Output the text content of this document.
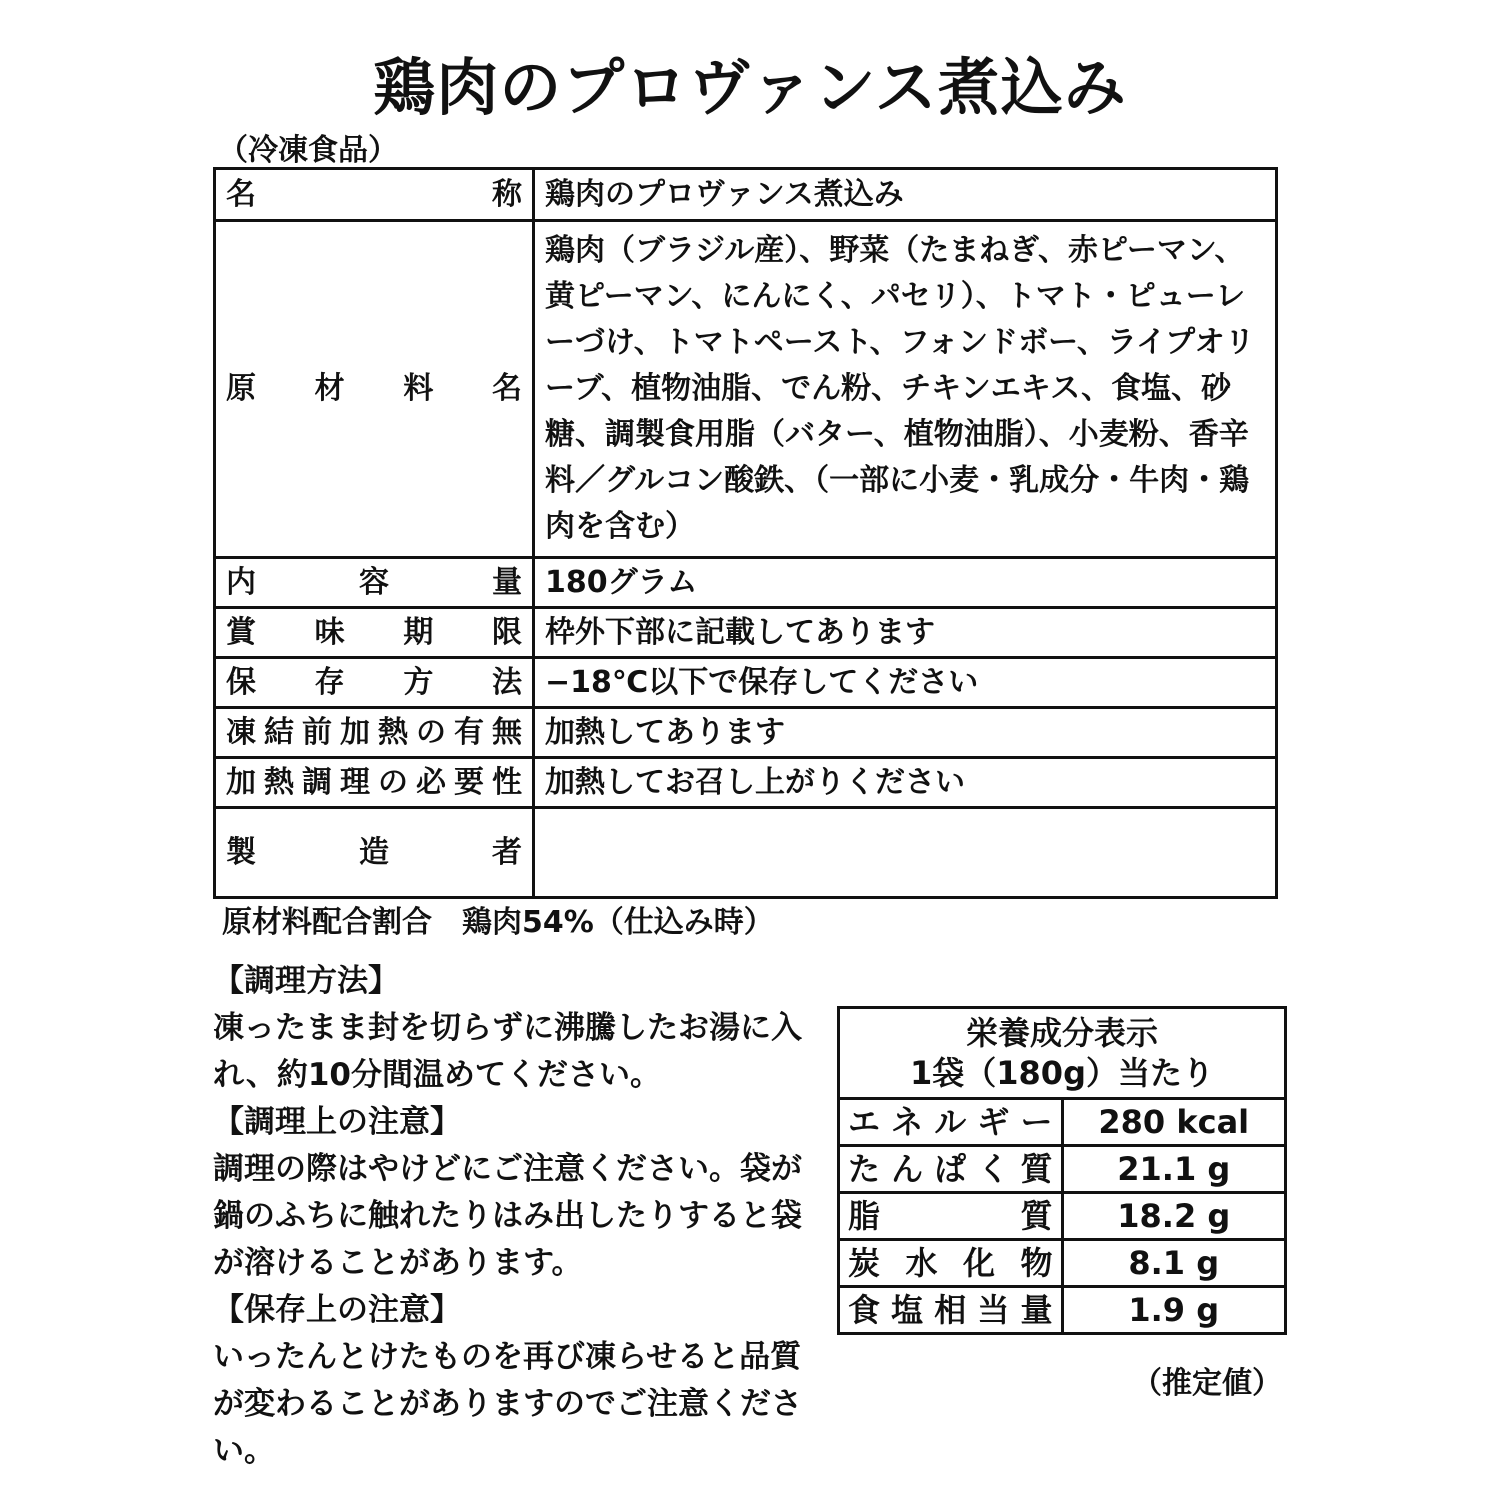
鶏肉のプロヴァンス煮込み
（冷凍食品）
名称	鶏肉のプロヴァンス煮込み
原材料名	鶏肉（ブラジル産）、野菜（たまねぎ、赤ピーマン、黄ピーマン、にんにく、パセリ）、トマト・ピューレーづけ、トマトペースト、フォンドボー、ライプオリーブ、植物油脂、でん粉、チキンエキス、食塩、砂糖、調製食用脂（バター、植物油脂）、小麦粉、香辛料／グルコン酸鉄、（一部に小麦・乳成分・牛肉・鶏肉を含む）
内容量	180グラム
賞味期限	枠外下部に記載してあります
保存方法	−18℃以下で保存してください
凍結前加熱の有無	加熱してあります
加熱調理の必要性	加熱してお召し上がりください
製造者	
原材料配合割合　鶏肉54%（仕込み時）
【調理方法】
凍ったまま封を切らずに沸騰したお湯に入れ、約10分間温めてください。
【調理上の注意】
調理の際はやけどにご注意ください。袋が鍋のふちに触れたりはみ出したりすると袋が溶けることがあります。
【保存上の注意】
いったんとけたものを再び凍らせると品質が変わることがありますのでご注意ください。
栄養成分表示
1袋（180g）当たり	

エネルギー	280 kcal
たんぱく質	21.1 g
脂質	18.2 g
炭水化物	8.1 g
食塩相当量	1.9 g
（推定値）
